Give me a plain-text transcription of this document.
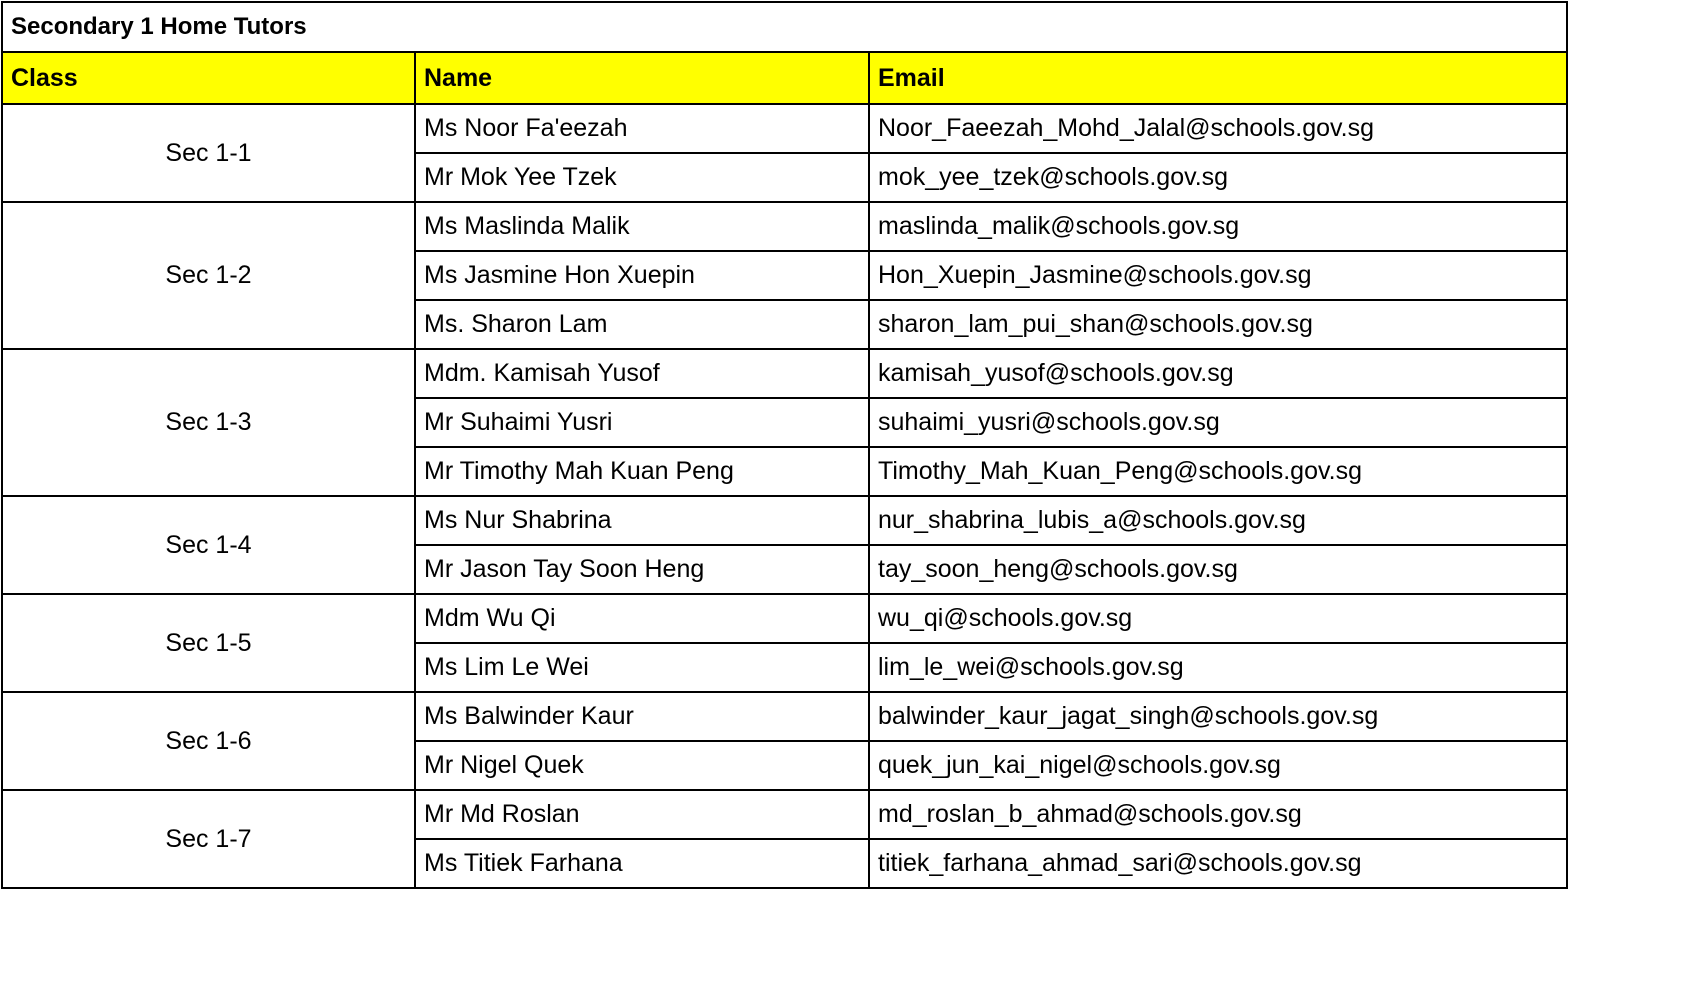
Secondary 1 Home Tutors		
Class	Name	Email
Sec 1-1	Ms Noor Fa'eezah	Noor_Faeezah_Mohd_Jalal@schools.gov.sg
	Mr Mok Yee Tzek	mok_yee_tzek@schools.gov.sg
Sec 1-2	Ms Maslinda Malik	maslinda_malik@schools.gov.sg
	Ms Jasmine Hon Xuepin	Hon_Xuepin_Jasmine@schools.gov.sg
	Ms. Sharon Lam	sharon_lam_pui_shan@schools.gov.sg
Sec 1-3	Mdm. Kamisah Yusof	kamisah_yusof@schools.gov.sg
	Mr Suhaimi Yusri	suhaimi_yusri@schools.gov.sg
	Mr Timothy Mah Kuan Peng	Timothy_Mah_Kuan_Peng@schools.gov.sg
Sec 1-4	Ms Nur Shabrina	nur_shabrina_lubis_a@schools.gov.sg
	Mr Jason Tay Soon Heng	tay_soon_heng@schools.gov.sg
Sec 1-5	Mdm Wu Qi	wu_qi@schools.gov.sg
	Ms Lim Le Wei	lim_le_wei@schools.gov.sg
Sec 1-6	Ms Balwinder Kaur	balwinder_kaur_jagat_singh@schools.gov.sg
	Mr Nigel Quek	quek_jun_kai_nigel@schools.gov.sg
Sec 1-7	Mr Md Roslan	md_roslan_b_ahmad@schools.gov.sg
	Ms Titiek Farhana	titiek_farhana_ahmad_sari@schools.gov.sg
